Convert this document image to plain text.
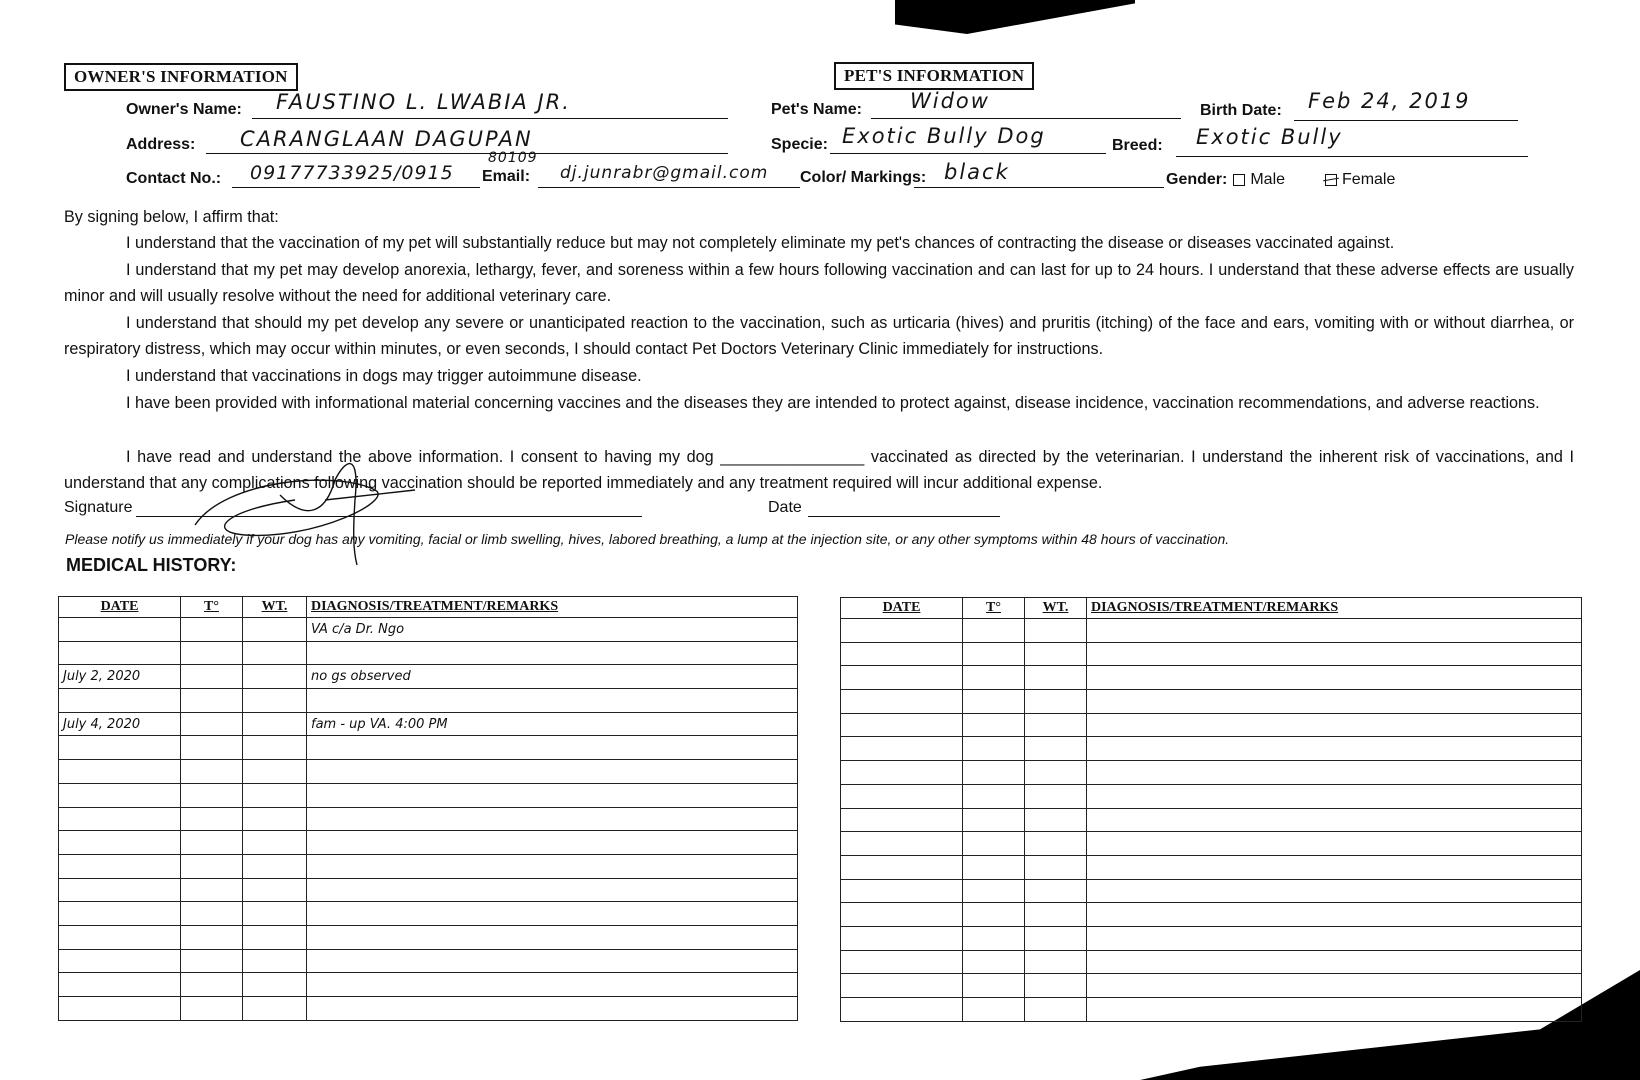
OWNER'S INFORMATION
Owner's Name: FAUSTINO L. LWABIA JR.
Address: CARANGLAAN DAGUPAN
Contact No.: 09177733925/0915
80109
Email: dj.junrabr@gmail.com
PET'S INFORMATION
Pet's Name: Widow	Birth Date: Feb 24, 2019
Specie: Exotic Bully Dog	Breed: Exotic Bully
Color/ Markings: black	Gender: Male	Female
By signing below, I affirm that:
I understand that the vaccination of my pet will substantially reduce but may not completely eliminate my pet's chances of contracting the disease or diseases vaccinated against.
I understand that my pet may develop anorexia, lethargy, fever, and soreness within a few hours following vaccination and can last for up to 24 hours. I understand that these adverse effects are usually minor and will usually resolve without the need for additional veterinary care.
I understand that should my pet develop any severe or unanticipated reaction to the vaccination, such as urticaria (hives) and pruritis (itching) of the face and ears, vomiting with or without diarrhea, or respiratory distress, which may occur within minutes, or even seconds, I should contact Pet Doctors Veterinary Clinic immediately for instructions.
I understand that vaccinations in dogs may trigger autoimmune disease.
I have been provided with informational material concerning vaccines and the diseases they are intended to protect against, disease incidence, vaccination recommendations, and adverse reactions.
I have read and understand the above information. I consent to having my dog ________________ vaccinated as directed by the veterinarian. I understand the inherent risk of vaccinations, and I understand that any complications following vaccination should be reported immediately and any treatment required will incur additional expense.
Signature	Date
Please notify us immediately if your dog has any vomiting, facial or limb swelling, hives, labored breathing, a lump at the injection site, or any other symptoms within 48 hours of vaccination.
MEDICAL HISTORY:
DATE	T°	WT.	DIAGNOSIS/TREATMENT/REMARKS
			VA c/a Dr. Ngo

July 2, 2020			no gs observed

July 4, 2020			fam - up VA. 4:00 PM

DATE	T°	WT.	DIAGNOSIS/TREATMENT/REMARKS
